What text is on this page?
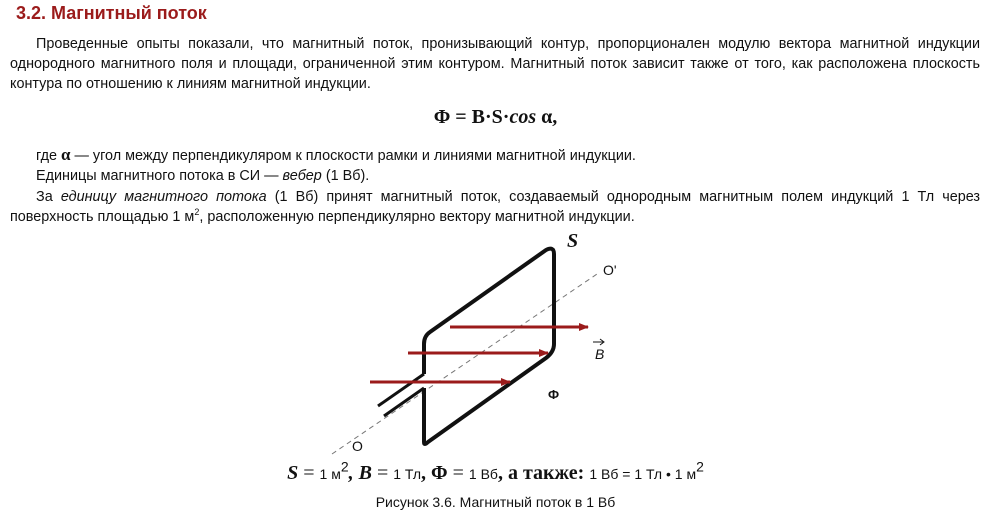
3.2. Магнитный поток
Проведенные опыты показали, что магнитный поток, пронизывающий контур, пропорционален модулю вектора магнитной индукции однородного магнитного поля и площади, ограниченной этим контуром. Магнитный поток зависит также от того, как расположена плоскость контура по отношению к линиям магнитной индукции.
Φ = B·S·cos α,
где α — угол между перпендикуляром к плоскости рамки и линиями магнитной индукции.
Единицы магнитного потока в СИ — вебер (1 Вб).
За единицу магнитного потока (1 Вб) принят магнитный поток, создаваемый однородным магнитным полем индукций 1 Тл через поверхность площадью 1 $м^2$, расположенную перпендикулярно вектору магнитной индукции.
S
O'
B
Ф
O
S = 1 $м^2$, B = 1 Тл, Φ = 1 Вб, а также: 1 Вб = 1 Тл • 1 $м^2$
Рисунок 3.6. Магнитный поток в 1 Вб
